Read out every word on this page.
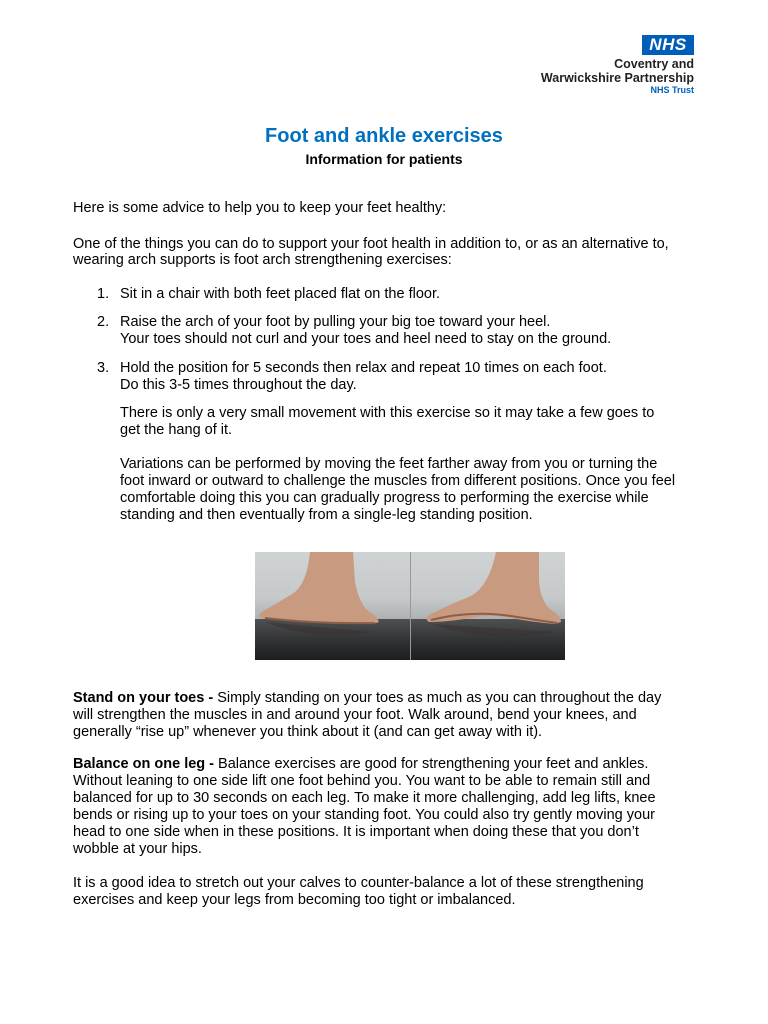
NHS
Coventry and
Warwickshire Partnership
NHS Trust
Foot and ankle exercises
Information for patients
Here is some advice to help you to keep your feet healthy:
One of the things you can do to support your foot health in addition to, or as an alternative to,
wearing arch supports is foot arch strengthening exercises:
1. Sit in a chair with both feet placed flat on the floor.
2. Raise the arch of your foot by pulling your big toe toward your heel.
Your toes should not curl and your toes and heel need to stay on the ground.
3. Hold the position for 5 seconds then relax and repeat 10 times on each foot.
Do this 3-5 times throughout the day.
There is only a very small movement with this exercise so it may take a few goes to
get the hang of it.
Variations can be performed by moving the feet farther away from you or turning the
foot inward or outward to challenge the muscles from different positions. Once you feel
comfortable doing this you can gradually progress to performing the exercise while
standing and then eventually from a single-leg standing position.
Stand on your toes - Simply standing on your toes as much as you can throughout the day
will strengthen the muscles in and around your foot. Walk around, bend your knees, and
generally “rise up” whenever you think about it (and can get away with it).
Balance on one leg - Balance exercises are good for strengthening your feet and ankles.
Without leaning to one side lift one foot behind you. You want to be able to remain still and
balanced for up to 30 seconds on each leg. To make it more challenging, add leg lifts, knee
bends or rising up to your toes on your standing foot. You could also try gently moving your
head to one side when in these positions. It is important when doing these that you don’t
wobble at your hips.
It is a good idea to stretch out your calves to counter-balance a lot of these strengthening
exercises and keep your legs from becoming too tight or imbalanced.
